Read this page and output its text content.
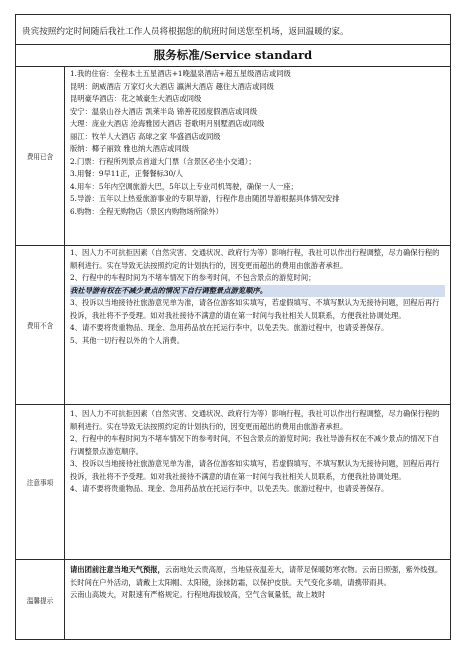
贵宾按照约定时间随后我社工作人员将根据您的航班时间送您至机场，返回温暖的家。
服务标准/Service standard
费用已含
1.我的住宿：全程本土五星酒店+1晚温泉酒店+超五星级酒店或同级
昆明：朗威酒店 万家灯火大酒店 瀛洲大酒店 趣住大酒店或同级
昆明豪华酒店：花之城豪生大酒店或同级
安宁：温泉山谷大酒店 凯莱半岛 锦善花园度假酒店或同级
大理：庞业大酒店 沧海雅园大酒店 苍歌明月别墅酒店或同级
丽江：牧羊人大酒店 高球之家 华盛酒店或同级
版纳：椰子丽致 雅也纳大酒店或同级
2.门票：行程所列景点首道大门票（含景区必坐小交通）；
3.用餐：9早11正，正餐餐标30/人
4.用车：5年内空调旅游大巴，5年以上专业司机驾驶，确保一人一座；
5.导游：五年以上热爱旅游事业的专职导游，行程作息由随团导游根据具体情况安排
6.购物：全程无购物店（景区内购物场所除外）
费用不含
1、因人力不可抗拒因素（自然灾害、交通状况、政府行为等）影响行程，我社可以作出行程调整，尽力确保行程的顺利进行。实在导致无法按照约定的计划执行的，因变更而超出的费用由旅游者承担。
2、行程中的车程时间为不堵车情况下的参考时间，不包含景点的游览时间；
我社导游有权在不减少景点的情况下自行调整景点游览顺序。
3、投诉以当地接待社旅游意见单为准，请各位游客如实填写，若虚假填写、不填写默认为无接待问题，回程后再行投诉，我社将不予受理。如对我社接待不满意的请在第一时间与我社相关人员联系，方便我社协调处理。
4、请不要将贵重物品、现金、急用药品放在托运行李中，以免丢失。旅游过程中，也请妥善保存。
5、其他一切行程以外的个人消费。
注意事项
1、因人力不可抗拒因素（自然灾害、交通状况、政府行为等）影响行程，我社可以作出行程调整，尽力确保行程的顺利进行。实在导致无法按照约定的计划执行的，因变更而超出的费用由旅游者承担。
2、行程中的车程时间为不堵车情况下的参考时间，不包含景点的游览时间；我社导游有权在不减少景点的情况下自行调整景点游览顺序。
3、投诉以当地接待社旅游意见单为准，请各位游客如实填写，若虚假填写、不填写默认为无接待问题，回程后再行投诉，我社将不予受理。如对我社接待不满意的请在第一时间与我社相关人员联系，方便我社协调处理。
4、请不要将贵重物品、现金、急用药品放在托运行李中，以免丢失。旅游过程中，也请妥善保存。
温馨提示
请出团前注意当地天气预报，云南地处云贵高原，当地昼夜温差大，请带足保暖防寒衣物。云南日照强，紫外线强。长时间在户外活动，请戴上太阳帽、太阳镜，涂抹防霜，以保护皮肤。天气变化多端，请携带雨具。
云南山高坡大，对限速有严格规定。行程地海拔较高，空气含氧量低，故上坡时
